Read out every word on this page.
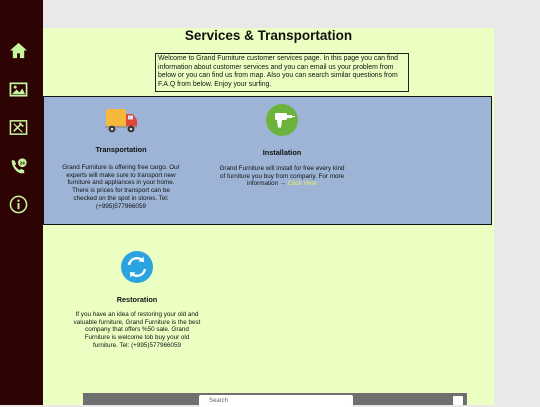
24
Services & Transportation
Welcome to Grand Furniture customer services page. In this page you can find information about customer services and you can email us your problem from below or you can find us from map. Also you can search similar questions from F.A.Q from below. Enjoy your surfing.
Restoration

If you have an idea of restoring your old and valuable furniture, Grand Furniture is the best company that offers %50 sale. Grand Furniture is welcome tob buy your old furniture. Tel: (+995)577966059

Transportation

Grand Furniture is offering free cargo. Our experts will make sure to transport new furniture and appliances in your home. There is prices for transport can be checked on the spot in stores. Tel: (+995)577966059

Installation

Grand Furniture will install for free every kind of furniture you buy from company. For more information → Click Here

Search
